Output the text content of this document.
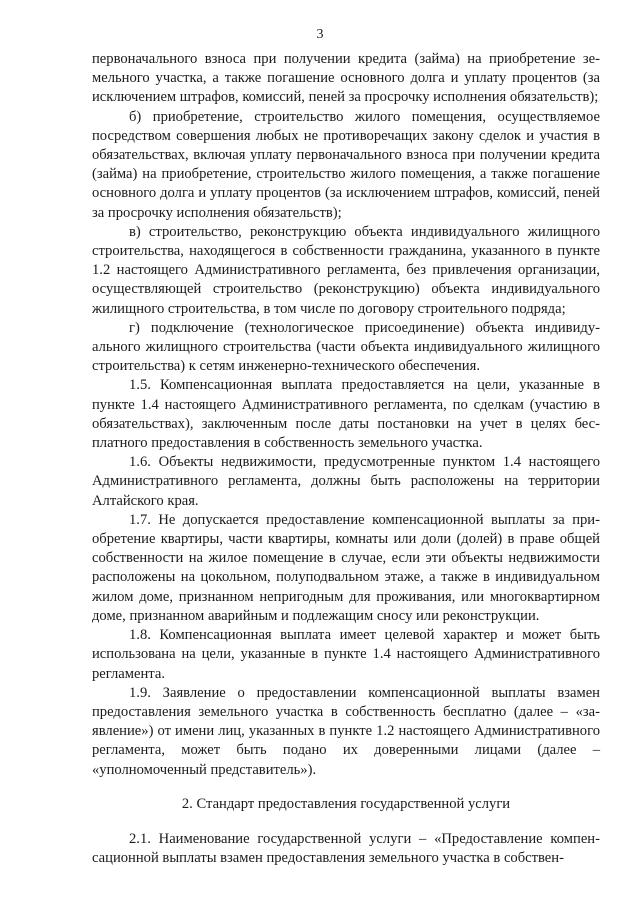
3

первоначального взноса при получении кредита (займа) на приобретение земельного участка, а также погашение основного долга и уплату процентов (за исключением штрафов, комиссий, пеней за просрочку исполнения обязательств);

б) приобретение, строительство жилого помещения, осуществляемое посредством совершения любых не противоречащих закону сделок и участия в обязательствах, включая уплату первоначального взноса при получении кредита (займа) на приобретение, строительство жилого помещения, а также погашение основного долга и уплату процентов (за исключением штрафов, комиссий, пеней за просрочку исполнения обязательств);

в) строительство, реконструкцию объекта индивидуального жилищного строительства, находящегося в собственности гражданина, указанного в пункте 1.2 настоящего Административного регламента, без привлечения организации, осуществляющей строительство (реконструкцию) объекта индивидуального жилищного строительства, в том числе по договору строительного подряда;

г) подключение (технологическое присоединение) объекта индивидуального жилищного строительства (части объекта индивидуального жилищного строительства) к сетям инженерно-технического обеспечения.

1.5. Компенсационная выплата предоставляется на цели, указанные в пункте 1.4 настоящего Административного регламента, по сделкам (участию в обязательствах), заключенным после даты постановки на учет в целях бесплатного предоставления в собственность земельного участка.

1.6. Объекты недвижимости, предусмотренные пунктом 1.4 настоящего Административного регламента, должны быть расположены на территории Алтайского края.

1.7. Не допускается предоставление компенсационной выплаты за приобретение квартиры, части квартиры, комнаты или доли (долей) в праве общей собственности на жилое помещение в случае, если эти объекты недвижимости расположены на цокольном, полуподвальном этаже, а также в индивидуальном жилом доме, признанном непригодным для проживания, или многоквартирном доме, признанном аварийным и подлежащим сносу или реконструкции.

1.8. Компенсационная выплата имеет целевой характер и может быть использована на цели, указанные в пункте 1.4 настоящего Административного регламента.

1.9. Заявление о предоставлении компенсационной выплаты взамен предоставления земельного участка в собственность бесплатно (далее – «заявление») от имени лиц, указанных в пункте 1.2 настоящего Административного регламента, может быть подано их доверенными лицами (далее – «уполномоченный представитель»).

2. Стандарт предоставления государственной услуги

2.1. Наименование государственной услуги – «Предоставление компенсационной выплаты взамен предоставления земельного участка в собствен-
